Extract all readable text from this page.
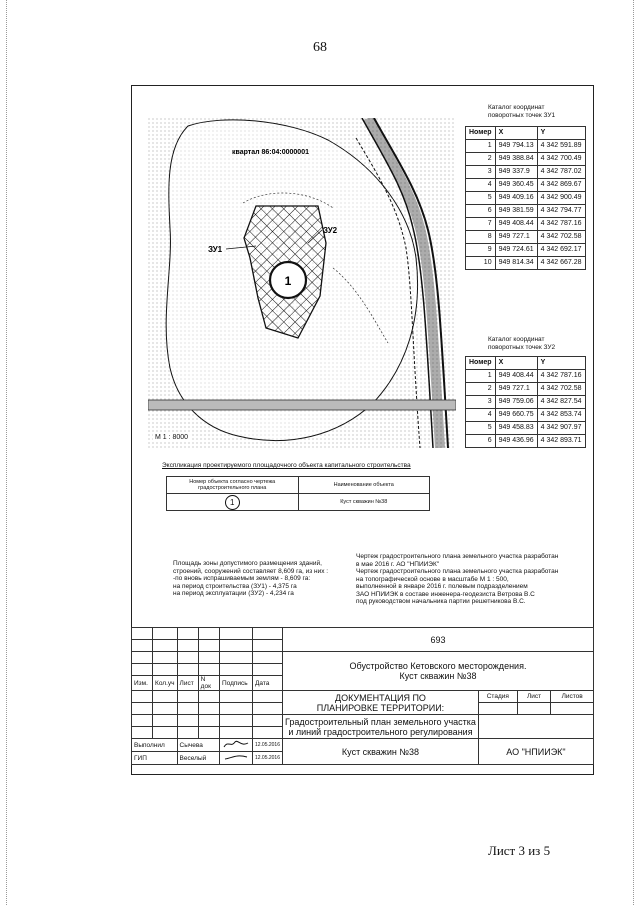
68
1
квартал 86:04:0000001
ЗУ1
ЗУ2
M 1 : 8000
Каталог координат
поворотных точек ЗУ1
Номер	X	Y
1	949 794.13	4 342 591.89
2	949 388.84	4 342 700.49
3	949 337.9	4 342 787.02
4	949 360.45	4 342 869.67
5	949 409.16	4 342 900.49
6	949 381.59	4 342 794.77
7	949 408.44	4 342 787.16
8	949 727.1	4 342 702.58
9	949 724.61	4 342 692.17
10	949 814.34	4 342 667.28
Каталог координат
поворотных точек ЗУ2
Номер	X	Y
1	949 408.44	4 342 787.16
2	949 727.1	4 342 702.58
3	949 759.06	4 342 827.54
4	949 660.75	4 342 853.74
5	949 458.83	4 342 907.97
6	949 436.96	4 342 893.71
Экспликация проектируемого площадочного объекта капитального строительства
Номер объекта согласно чертежа градостроительного плана	Наименование объекта
1	Куст скважин №38
Площадь зоны допустимого размещения зданий,
строений, сооружений составляет 8,609 га, из них :
-по вновь испрашиваемым землям - 8,609 га:
на период строительства (ЗУ1) - 4,375 га
на период эксплуатации (ЗУ2) - 4,234 га
Чертеж градостроительного плана земельного участка разработан
в мае 2016 г. АО "НПИИЭК"
Чертеж градостроительного плана земельного участка разработан
на топографической основе в масштабе М 1 : 500,
выполненной в январе 2016 г. полевым подразделением
ЗАО НПИИЭК в составе инженера-геодезиста Ветрова В.С
под руководством начальника партии решетникова В.С.
						693			

						Обустройство Кетовского месторождения.
Куст скважин №38			

Изм.	Кол.уч	Лист	N док	Подпись	Дата				
						ДОКУМЕНТАЦИЯ ПО
ПЛАНИРОВКЕ ТЕРРИТОРИИ:	Стадия	Лист	Листов

						Градостроительный план земельного участка
и линий градостроительного регулирования			

Выполнил		Сычева			12.05.2016	Куст скважин №38	АО "НПИИЭК"		
ГИП		Веселый			12.05.2016				
Лист 3 из 5
